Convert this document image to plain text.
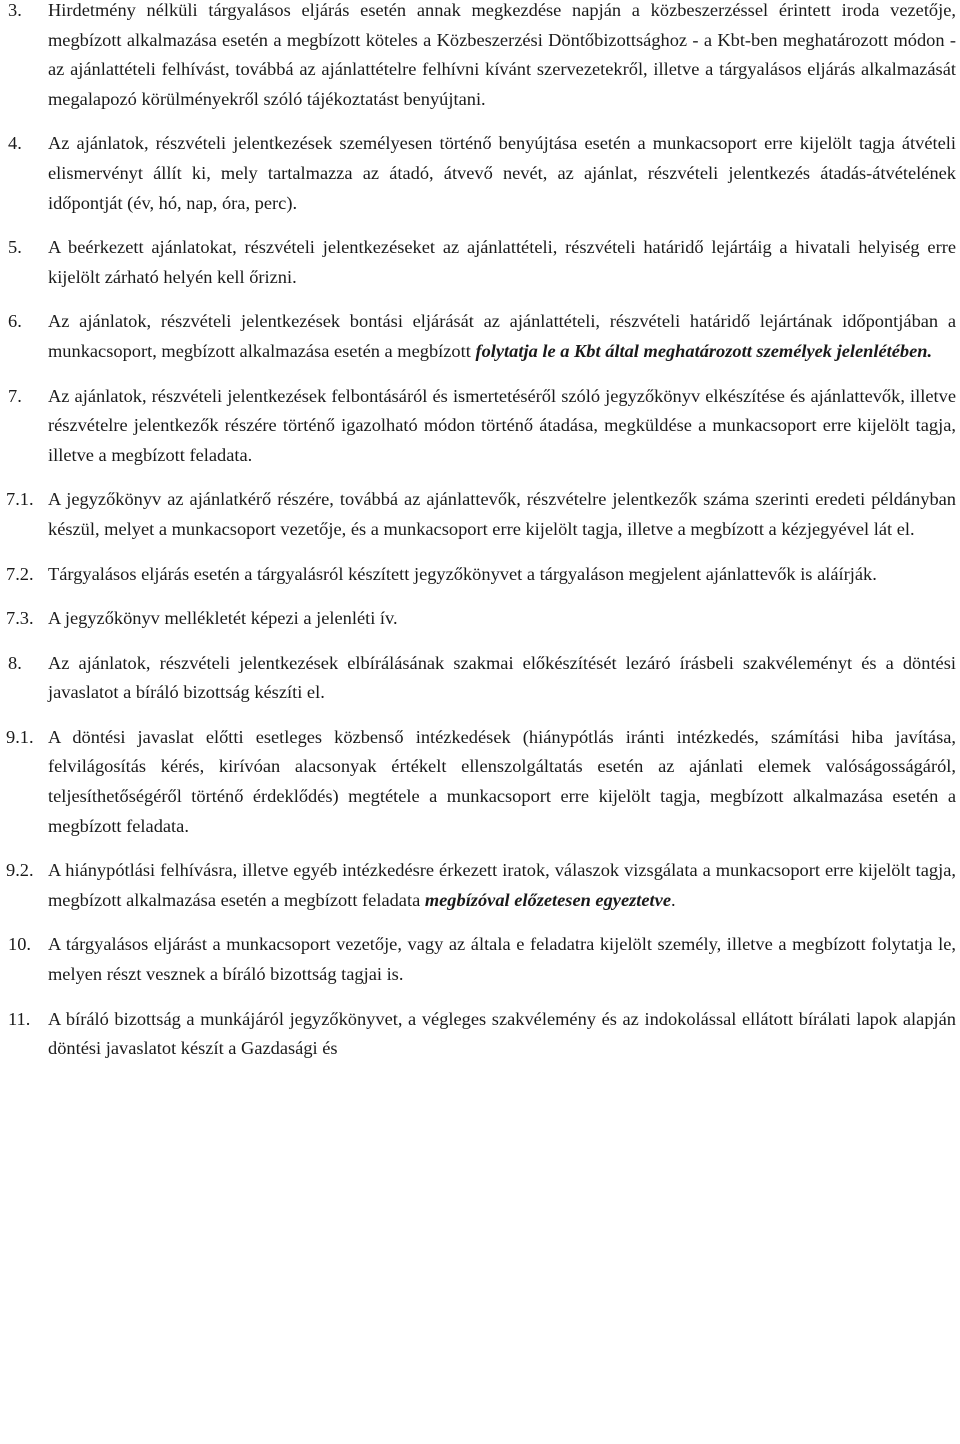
3. Hirdetmény nélküli tárgyalásos eljárás esetén annak megkezdése napján a közbeszerzéssel érintett iroda vezetője, megbízott alkalmazása esetén a megbízott köteles a Közbeszerzési Döntőbizottsághoz - a Kbt-ben meghatározott módon - az ajánlattételi felhívást, továbbá az ajánlattételre felhívni kívánt szervezetekről, illetve a tárgyalásos eljárás alkalmazását megalapozó körülményekről szóló tájékoztatást benyújtani.
4. Az ajánlatok, részvételi jelentkezések személyesen történő benyújtása esetén a munkacsoport erre kijelölt tagja átvételi elismervényt állít ki, mely tartalmazza az átadó, átvevő nevét, az ajánlat, részvételi jelentkezés átadás-átvételének időpontját (év, hó, nap, óra, perc).
5. A beérkezett ajánlatokat, részvételi jelentkezéseket az ajánlattételi, részvételi határidő lejártáig a hivatali helyiség erre kijelölt zárható helyén kell őrizni.
6. Az ajánlatok, részvételi jelentkezések bontási eljárását az ajánlattételi, részvételi határidő lejártának időpontjában a munkacsoport, megbízott alkalmazása esetén a megbízott folytatja le a Kbt által meghatározott személyek jelenlétében.
7. Az ajánlatok, részvételi jelentkezések felbontásáról és ismertetéséről szóló jegyzőkönyv elkészítése és ajánlattevők, illetve részvételre jelentkezők részére történő igazolható módon történő átadása, megküldése a munkacsoport erre kijelölt tagja, illetve a megbízott feladata.
7.1. A jegyzőkönyv az ajánlatkérő részére, továbbá az ajánlattevők, részvételre jelentkezők száma szerinti eredeti példányban készül, melyet a munkacsoport vezetője, és a munkacsoport erre kijelölt tagja, illetve a megbízott a kézjegyével lát el.
7.2. Tárgyalásos eljárás esetén a tárgyalásról készített jegyzőkönyvet a tárgyaláson megjelent ajánlattevők is aláírják.
7.3. A jegyzőkönyv mellékletét képezi a jelenléti ív.
8. Az ajánlatok, részvételi jelentkezések elbírálásának szakmai előkészítését lezáró írásbeli szakvéleményt és a döntési javaslatot a bíráló bizottság készíti el.
9.1. A döntési javaslat előtti esetleges közbenső intézkedések (hiánypótlás iránti intézkedés, számítási hiba javítása, felvilágosítás kérés, kirívóan alacsonyak értékelt ellenszolgáltatás esetén az ajánlati elemek valóságosságáról, teljesíthetőségéről történő érdeklődés) megtétele a munkacsoport erre kijelölt tagja, megbízott alkalmazása esetén a megbízott feladata.
9.2. A hiánypótlási felhívásra, illetve egyéb intézkedésre érkezett iratok, válaszok vizsgálata a munkacsoport erre kijelölt tagja, megbízott alkalmazása esetén a megbízott feladata megbízóval előzetesen egyeztetve.
10. A tárgyalásos eljárást a munkacsoport vezetője, vagy az általa e feladatra kijelölt személy, illetve a megbízott folytatja le, melyen részt vesznek a bíráló bizottság tagjai is.
11. A bíráló bizottság a munkájáról jegyzőkönyvet, a végleges szakvélemény és az indokolással ellátott bírálati lapok alapján döntési javaslatot készít a Gazdasági és
